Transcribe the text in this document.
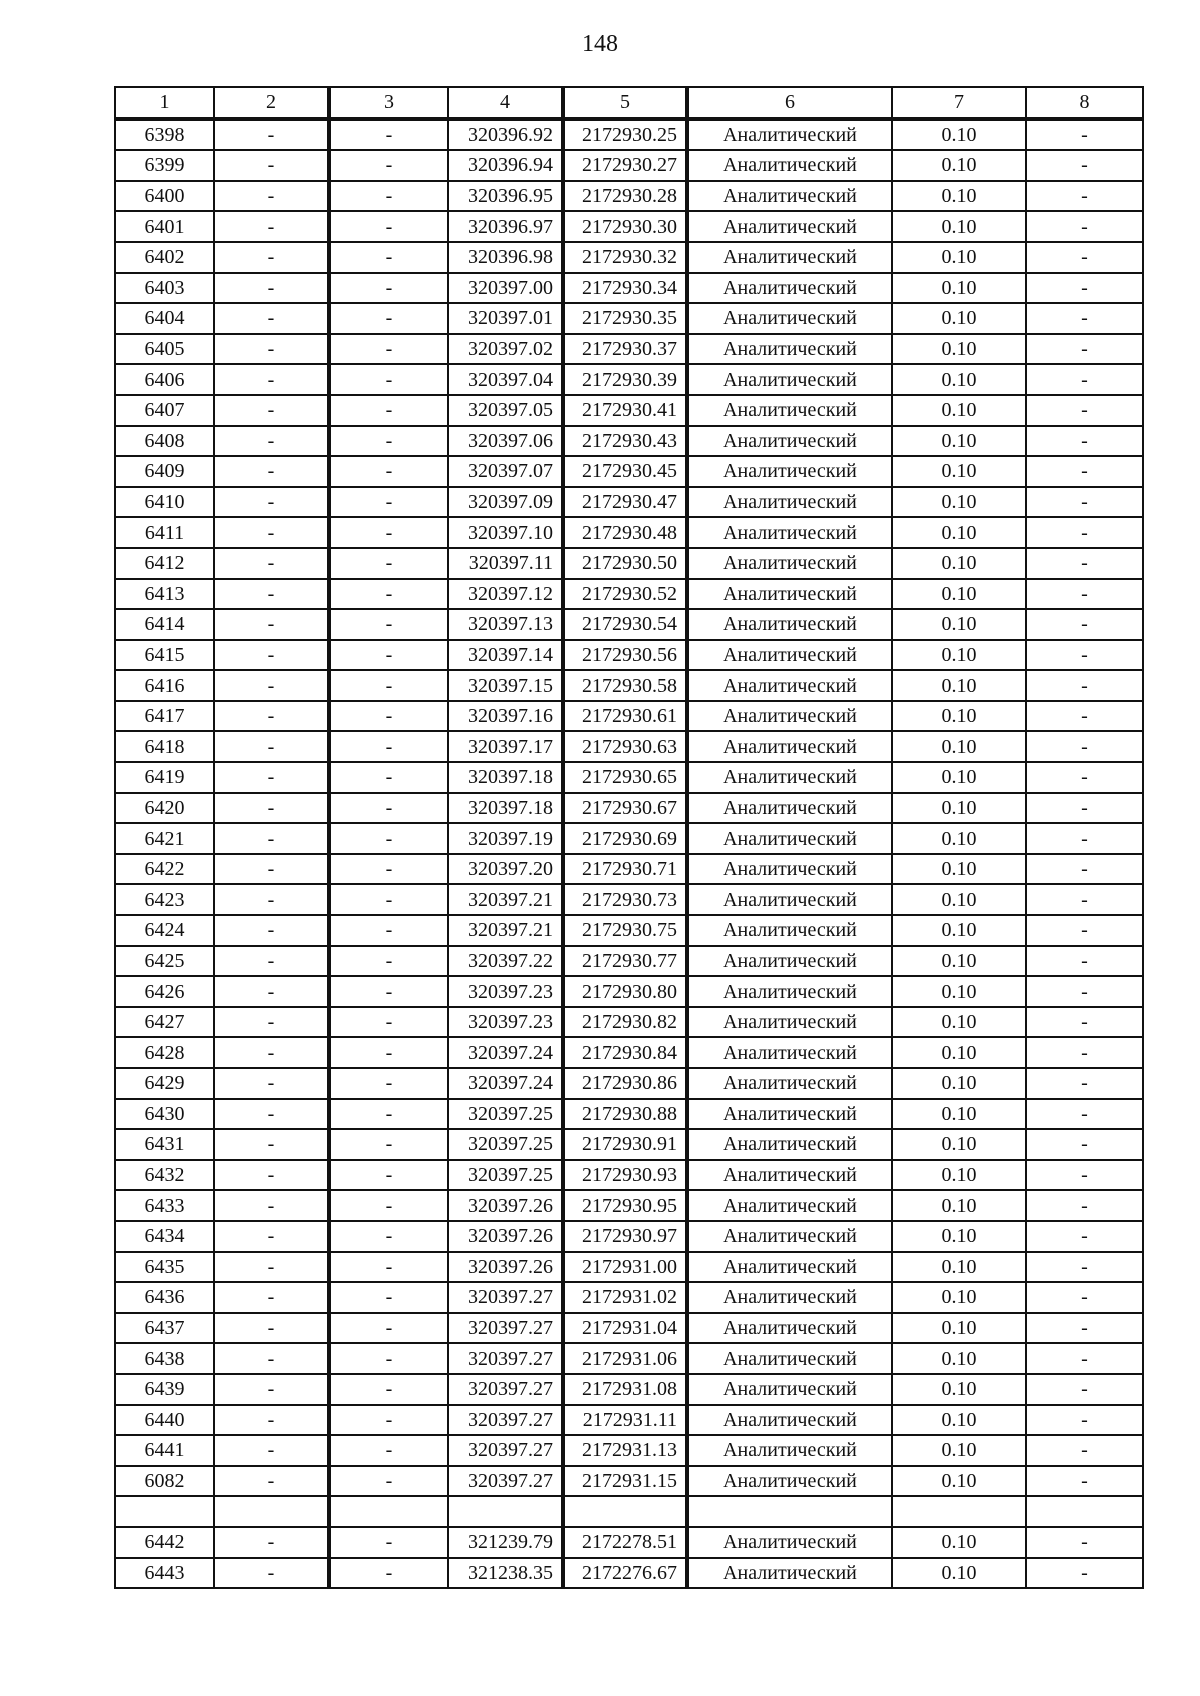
148
1	2	3	4	5	6	7	8
6398	-	-	320396.92	2172930.25	Аналитический	0.10	-
6399	-	-	320396.94	2172930.27	Аналитический	0.10	-
6400	-	-	320396.95	2172930.28	Аналитический	0.10	-
6401	-	-	320396.97	2172930.30	Аналитический	0.10	-
6402	-	-	320396.98	2172930.32	Аналитический	0.10	-
6403	-	-	320397.00	2172930.34	Аналитический	0.10	-
6404	-	-	320397.01	2172930.35	Аналитический	0.10	-
6405	-	-	320397.02	2172930.37	Аналитический	0.10	-
6406	-	-	320397.04	2172930.39	Аналитический	0.10	-
6407	-	-	320397.05	2172930.41	Аналитический	0.10	-
6408	-	-	320397.06	2172930.43	Аналитический	0.10	-
6409	-	-	320397.07	2172930.45	Аналитический	0.10	-
6410	-	-	320397.09	2172930.47	Аналитический	0.10	-
6411	-	-	320397.10	2172930.48	Аналитический	0.10	-
6412	-	-	320397.11	2172930.50	Аналитический	0.10	-
6413	-	-	320397.12	2172930.52	Аналитический	0.10	-
6414	-	-	320397.13	2172930.54	Аналитический	0.10	-
6415	-	-	320397.14	2172930.56	Аналитический	0.10	-
6416	-	-	320397.15	2172930.58	Аналитический	0.10	-
6417	-	-	320397.16	2172930.61	Аналитический	0.10	-
6418	-	-	320397.17	2172930.63	Аналитический	0.10	-
6419	-	-	320397.18	2172930.65	Аналитический	0.10	-
6420	-	-	320397.18	2172930.67	Аналитический	0.10	-
6421	-	-	320397.19	2172930.69	Аналитический	0.10	-
6422	-	-	320397.20	2172930.71	Аналитический	0.10	-
6423	-	-	320397.21	2172930.73	Аналитический	0.10	-
6424	-	-	320397.21	2172930.75	Аналитический	0.10	-
6425	-	-	320397.22	2172930.77	Аналитический	0.10	-
6426	-	-	320397.23	2172930.80	Аналитический	0.10	-
6427	-	-	320397.23	2172930.82	Аналитический	0.10	-
6428	-	-	320397.24	2172930.84	Аналитический	0.10	-
6429	-	-	320397.24	2172930.86	Аналитический	0.10	-
6430	-	-	320397.25	2172930.88	Аналитический	0.10	-
6431	-	-	320397.25	2172930.91	Аналитический	0.10	-
6432	-	-	320397.25	2172930.93	Аналитический	0.10	-
6433	-	-	320397.26	2172930.95	Аналитический	0.10	-
6434	-	-	320397.26	2172930.97	Аналитический	0.10	-
6435	-	-	320397.26	2172931.00	Аналитический	0.10	-
6436	-	-	320397.27	2172931.02	Аналитический	0.10	-
6437	-	-	320397.27	2172931.04	Аналитический	0.10	-
6438	-	-	320397.27	2172931.06	Аналитический	0.10	-
6439	-	-	320397.27	2172931.08	Аналитический	0.10	-
6440	-	-	320397.27	2172931.11	Аналитический	0.10	-
6441	-	-	320397.27	2172931.13	Аналитический	0.10	-
6082	-	-	320397.27	2172931.15	Аналитический	0.10	-

6442	-	-	321239.79	2172278.51	Аналитический	0.10	-
6443	-	-	321238.35	2172276.67	Аналитический	0.10	-
